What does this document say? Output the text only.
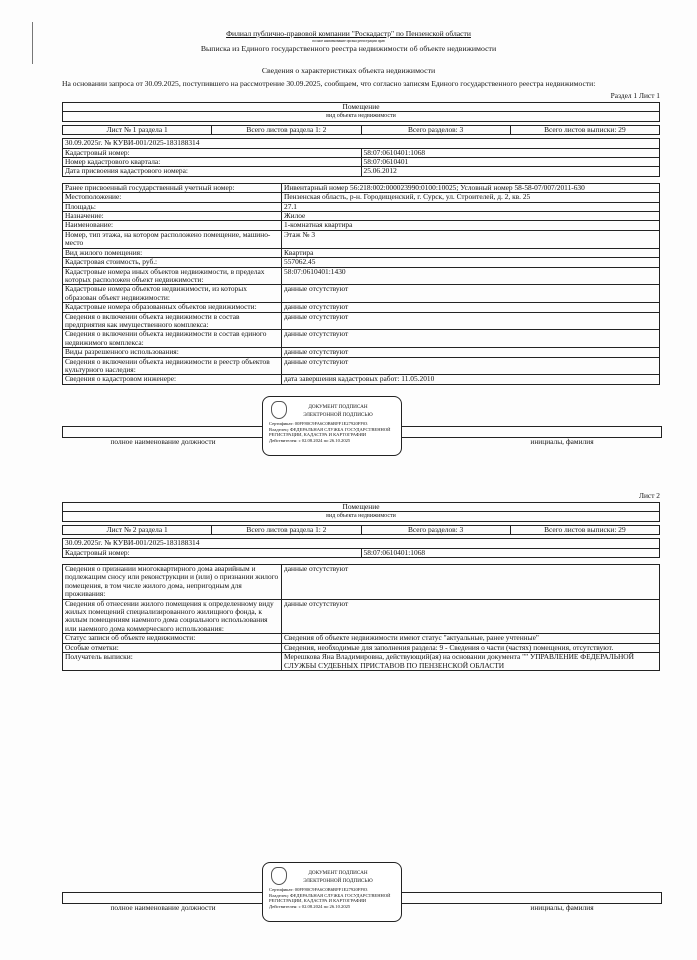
Филиал публично-правовой компании "Роскадастр" по Пензенской области
полное наименование органа регистрации прав
Выписка из Единого государственного реестра недвижимости об объекте недвижимости
Сведения о характеристиках объекта недвижимости
На основании запроса от 30.09.2025, поступившего на рассмотрение 30.09.2025, сообщаем, что согласно записям Единого государственного реестра недвижимости:
Раздел 1 Лист 1
Помещение
вид объекта недвижимости
Лист № 1 раздела 1	Всего листов раздела 1: 2	Всего разделов: 3	Всего листов выписки: 29
30.09.2025г. № КУВИ-001/2025-183188314	
Кадастровый номер:	58:07:0610401:1068
Номер кадастрового квартала:	58:07:0610401
Дата присвоения кадастрового номера:	25.06.2012
Ранее присвоенный государственный учетный номер:	Инвентарный номер 56:218:002:000023990:0100:10025; Условный номер 58-58-07/007/2011-630
Местоположение:	Пензенская область, р-н. Городищенский, г. Сурск, ул. Строителей, д. 2, кв. 25
Площадь:	27.1
Назначение:	Жилое
Наименование:	1-комнатная квартира
Номер, тип этажа, на котором расположено помещение, машино-место	Этаж № 3
Вид жилого помещения:	Квартира
Кадастровая стоимость, руб.:	557062.45
Кадастровые номера иных объектов недвижимости, в пределах которых расположен объект недвижимости:	58:07:0610401:1430
Кадастровые номера объектов недвижимости, из которых образован объект недвижимости:	данные отсутствуют
Кадастровые номера образованных объектов недвижимости:	данные отсутствуют
Сведения о включении объекта недвижимости в состав предприятия как имущественного комплекса:	данные отсутствуют
Сведения о включении объекта недвижимости в состав единого недвижимого комплекса:	данные отсутствуют
Виды разрешенного использования:	данные отсутствуют
Сведения о включении объекта недвижимости в реестр объектов культурного наследия:	данные отсутствуют
Сведения о кадастровом инженере:	дата завершения кадастровых работ: 11.05.2010
полное наименование должности	инициалы, фамилия
ДОКУМЕНТ ПОДПИСАН
ЭЛЕКТРОННОЙ ПОДПИСЬЮ
Сертификат: 00FF80C9FA6C0B6BFF1E27920FF03
Владелец: ФЕДЕРАЛЬНАЯ СЛУЖБА ГОСУДАРСТВЕННОЙ РЕГИСТРАЦИИ, КАДАСТРА И КАРТОГРАФИИ
Действителен: с 02.08.2024 по 26.10.2025
Лист 2
Помещение
вид объекта недвижимости
Лист № 2 раздела 1	Всего листов раздела 1: 2	Всего разделов: 3	Всего листов выписки: 29
30.09.2025г. № КУВИ-001/2025-183188314
Кадастровый номер:	58:07:0610401:1068
Сведения о признании многоквартирного дома аварийным и подлежащим сносу или реконструкции и (или) о признании жилого помещения, в том числе жилого дома, непригодным для проживания:	данные отсутствуют
Сведения об отнесении жилого помещения к определенному виду жилых помещений специализированного жилищного фонда, к жилым помещениям наемного дома социального использования или наемного дома коммерческого использования:	данные отсутствуют
Статус записи об объекте недвижимости:	Сведения об объекте недвижимости имеют статус "актуальные, ранее учтенные"
Особые отметки:	Сведения, необходимые для заполнения раздела: 9 - Сведения о части (частях) помещения, отсутствуют.
Получатель выписки:	Мерешкова Яна Владимировна, действующий(ая) на основании документа "" УПРАВЛЕНИЕ ФЕДЕРАЛЬНОЙ СЛУЖБЫ СУДЕБНЫХ ПРИСТАВОВ ПО ПЕНЗЕНСКОЙ ОБЛАСТИ
полное наименование должности	инициалы, фамилия
ДОКУМЕНТ ПОДПИСАН
ЭЛЕКТРОННОЙ ПОДПИСЬЮ
Сертификат: 00FF80C9FA6C0B6BFF1E27920FF03
Владелец: ФЕДЕРАЛЬНАЯ СЛУЖБА ГОСУДАРСТВЕННОЙ РЕГИСТРАЦИИ, КАДАСТРА И КАРТОГРАФИИ
Действителен: с 02.08.2024 по 26.10.2025
